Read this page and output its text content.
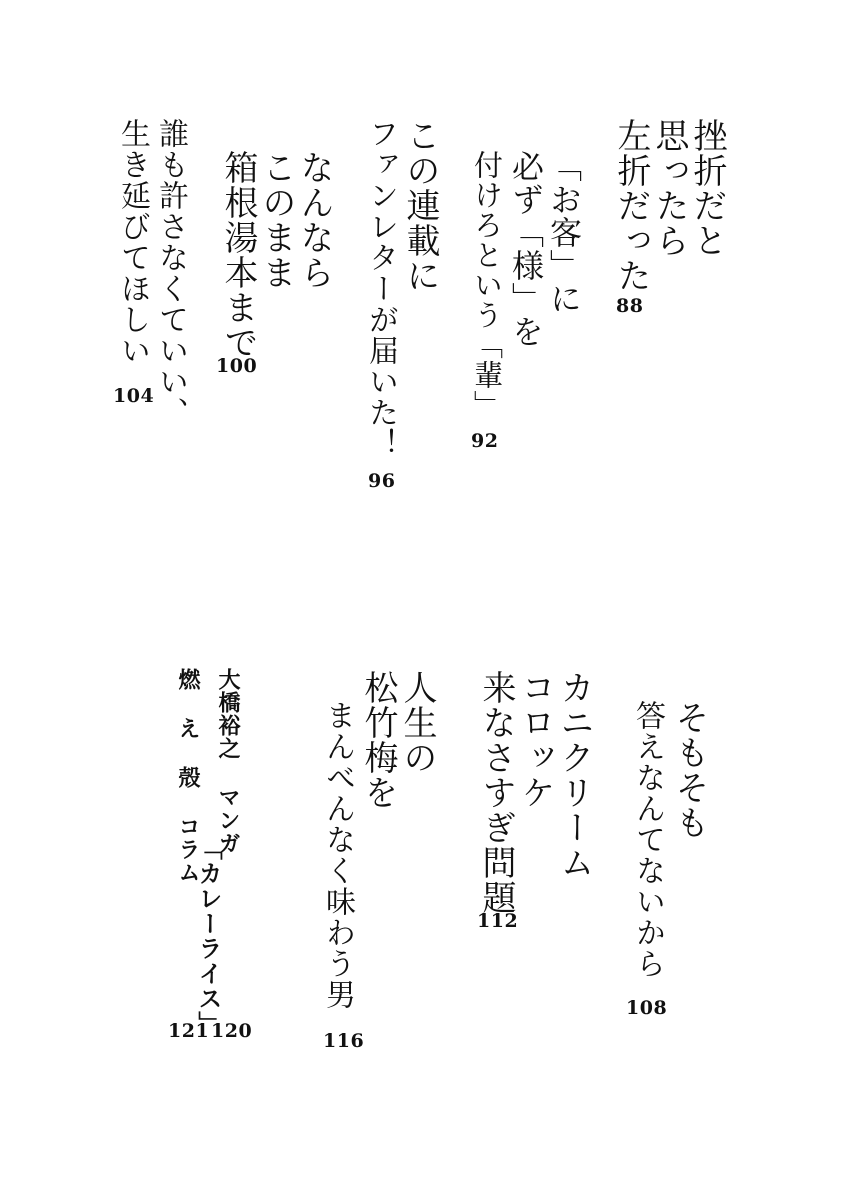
挫折だと
思ったら
左折だった
88
「お客」に
必ず「様」を
付けろという「輩」
92
この連載に
ファンレターが届いた！
96
なんなら
このまま
箱根湯本まで
100
誰も許さなくていい、
生き延びてほしい
104
そもそも
答えなんてないから
108
カニクリーム
コロッケ
来なさすぎ問題
112
人生の
松竹梅を
まんべんなく味わう男
116
大橋裕之 マンガ
「カレーライス」
120
燃 え 殻 コラム
121
